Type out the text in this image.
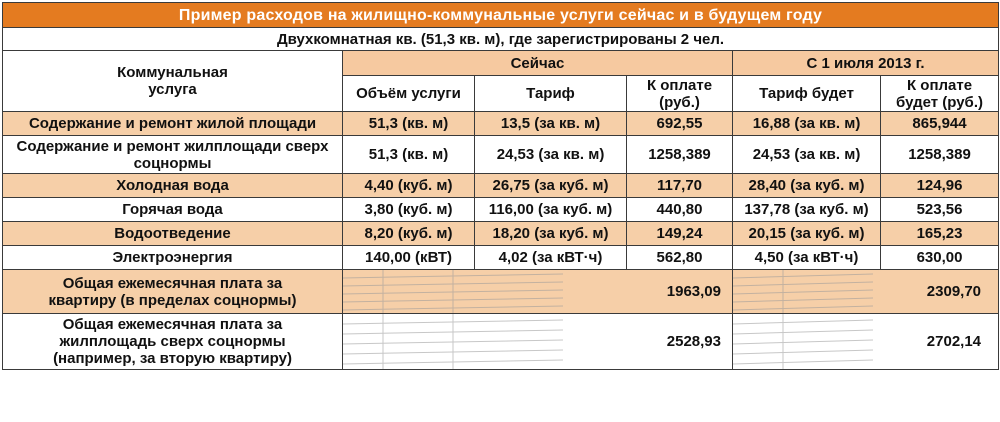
Пример расходов на жилищно-коммунальные услуги сейчас и в будущем году					
Двухкомнатная кв. (51,3 кв. м), где зарегистрированы 2 чел.					

Коммунальная услуга	Сейчас			С 1 июля 2013 г.	
	Объём услуги	Тариф	К оплате (руб.)	Тариф будет	К оплате будет (руб.)
Содержание и ремонт жилой площади	51,3 (кв. м)	13,5 (за кв. м)	692,55	16,88 (за кв. м)	865,944
Содержание и ремонт жилплощади сверх соцнормы	51,3 (кв. м)	24,53 (за кв. м)	1258,389	24,53 (за кв. м)	1258,389
Холодная вода	4,40 (куб. м)	26,75 (за куб. м)	117,70	28,40 (за куб. м)	124,96
Горячая вода	3,80 (куб. м)	116,00 (за куб. м)	440,80	137,78 (за куб. м)	523,56
Водоотведение	8,20 (куб. м)	18,20 (за куб. м)	149,24	20,15 (за куб. м)	165,23
Электроэнергия	140,00 (кВТ)	4,02 (за кВТ·ч)	562,80	4,50 (за кВТ·ч)	630,00

Общая ежемесячная плата за квартиру (в пределах соцнормы)	1963,09			2309,70	

Общая ежемесячная плата за жилплощадь сверх соцнормы (например, за вторую квартиру)	2528,93			2702,14	
